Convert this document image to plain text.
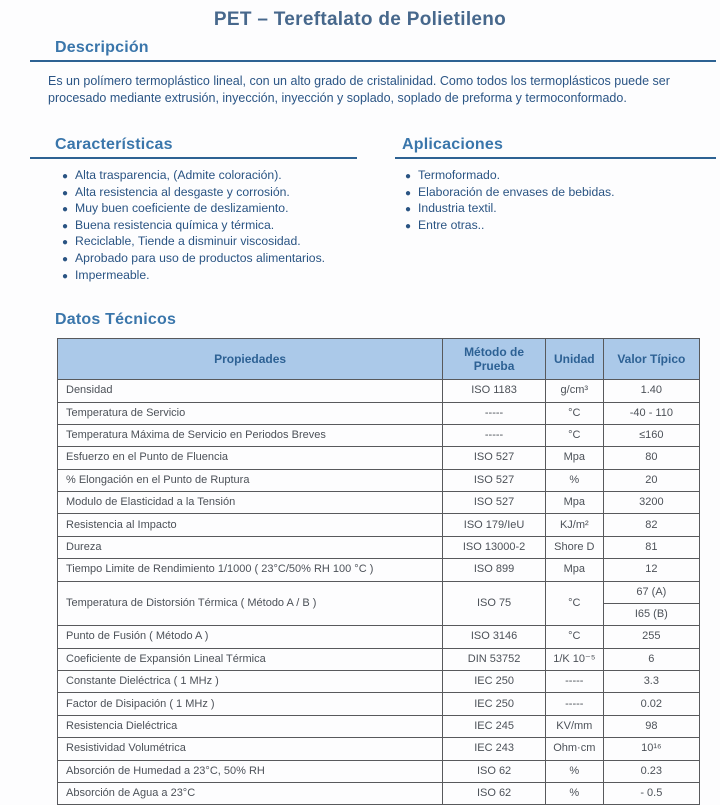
PET – Tereftalato de Polietileno
Descripción

Es un polímero termoplástico lineal, con un alto grado de cristalinidad. Como todos los termoplásticos puede ser procesado mediante extrusión, inyección, inyección y soplado, soplado de preforma y termoconformado.

Características
● Alta trasparencia, (Admite coloración).
● Alta resistencia al desgaste y corrosión.
● Muy buen coeficiente de deslizamiento.
● Buena resistencia química y térmica.
● Reciclable, Tiende a disminuir viscosidad.
● Aprobado para uso de productos alimentarios.
● Impermeable.
Aplicaciones
● Termoformado.
● Elaboración de envases de bebidas.
● Industria textil.
● Entre otras..
Datos Técnicos
Propiedades	Método de Prueba	Unidad	Valor Típico
Densidad	ISO 1183	g/cm³	1.40
Temperatura de Servicio	-----	°C	-40 - 110
Temperatura Máxima de Servicio en Periodos Breves	-----	°C	≤160
Esfuerzo en el Punto de Fluencia	ISO 527	Mpa	80
% Elongación en el Punto de Ruptura	ISO 527	%	20
Modulo de Elasticidad a la Tensión	ISO 527	Mpa	3200
Resistencia al Impacto	ISO 179/IeU	KJ/m²	82
Dureza	ISO 13000-2	Shore D	81
Tiempo Limite de Rendimiento 1/1000 ( 23°C/50% RH 100 °C )	ISO 899	Mpa	12
Temperatura de Distorsión Térmica ( Método A / B )	ISO 75	°C	67 (A)
			I65 (B)
Punto de Fusión ( Método A )	ISO 3146	°C	255
Coeficiente de Expansión Lineal Térmica	DIN 53752	1/K 10⁻⁵	6
Constante Dieléctrica ( 1 MHz )	IEC 250	-----	3.3
Factor de Disipación ( 1 MHz )	IEC 250	-----	0.02
Resistencia Dieléctrica	IEC 245	KV/mm	98
Resistividad Volumétrica	IEC 243	Ohm·cm	10¹⁶
Absorción de Humedad a 23°C, 50% RH	ISO 62	%	0.23
Absorción de Agua a 23°C	ISO 62	%	- 0.5
